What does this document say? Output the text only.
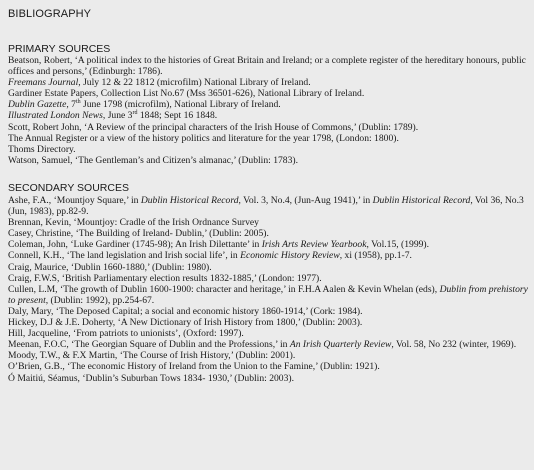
BIBLIOGRAPHY
PRIMARY SOURCES
Beatson, Robert, ‘A political index to the histories of Great Britain and Ireland; or a complete register of the hereditary honours, public offices and persons,’ (Edinburgh: 1786).
Freemans Journal, July 12 & 22 1812 (microfilm) National Library of Ireland.
Gardiner Estate Papers, Collection List No.67 (Mss 36501-626), National Library of Ireland.
Dublin Gazette, 7th June 1798 (microfilm), National Library of Ireland.
Illustrated London News, June 3rd 1848; Sept 16 1848.
Scott, Robert John, ‘A Review of the principal characters of the Irish House of Commons,’ (Dublin: 1789).
The Annual Register or a view of the history politics and literature for the year 1798, (London: 1800).
Thoms Directory.
Watson, Samuel, ‘The Gentleman’s and Citizen’s almanac,’ (Dublin: 1783).
SECONDARY SOURCES
Ashe, F.A., ‘Mountjoy Square,’ in Dublin Historical Record, Vol. 3, No.4, (Jun-Aug 1941),’ in Dublin Historical Record, Vol 36, No.3 (Jun, 1983), pp.82-9.
Brennan, Kevin, ‘Mountjoy: Cradle of the Irish Ordnance Survey
Casey, Christine, ‘The Building of Ireland- Dublin,’ (Dublin: 2005).
Coleman, John, ‘Luke Gardiner (1745-98); An Irish Dilettante’ in Irish Arts Review Yearbook, Vol.15, (1999).
Connell, K.H., ‘The land legislation and Irish social life’, in Economic History Review, xi (1958), pp.1-7.
Craig, Maurice, ‘Dublin 1660-1880,’ (Dublin: 1980).
Craig, F.W.S, ‘British Parliamentary election results 1832-1885,’ (London: 1977).
Cullen, L.M, ‘The growth of Dublin 1600-1900: character and heritage,’ in F.H.A Aalen & Kevin Whelan (eds), Dublin from prehistory to present, (Dublin: 1992), pp.254-67.
Daly, Mary, ‘The Deposed Capital; a social and economic history 1860-1914,’ (Cork: 1984).
Hickey, D.J & J.E. Doherty, ‘A New Dictionary of Irish History from 1800,’ (Dublin: 2003).
Hill, Jacqueline, ‘From patriots to unionists’, (Oxford: 1997).
Meenan, F.O.C, ‘The Georgian Square of Dublin and the Professions,’ in An Irish Quarterly Review, Vol. 58, No 232 (winter, 1969).
Moody, T.W., & F.X Martin, ‘The Course of Irish History,’ (Dublin: 2001).
O’Brien, G.B., ‘The economic History of Ireland from the Union to the Famine,’ (Dublin: 1921).
Ó Maitiú, Séamus, ‘Dublin’s Suburban Tows 1834- 1930,’ (Dublin: 2003).
